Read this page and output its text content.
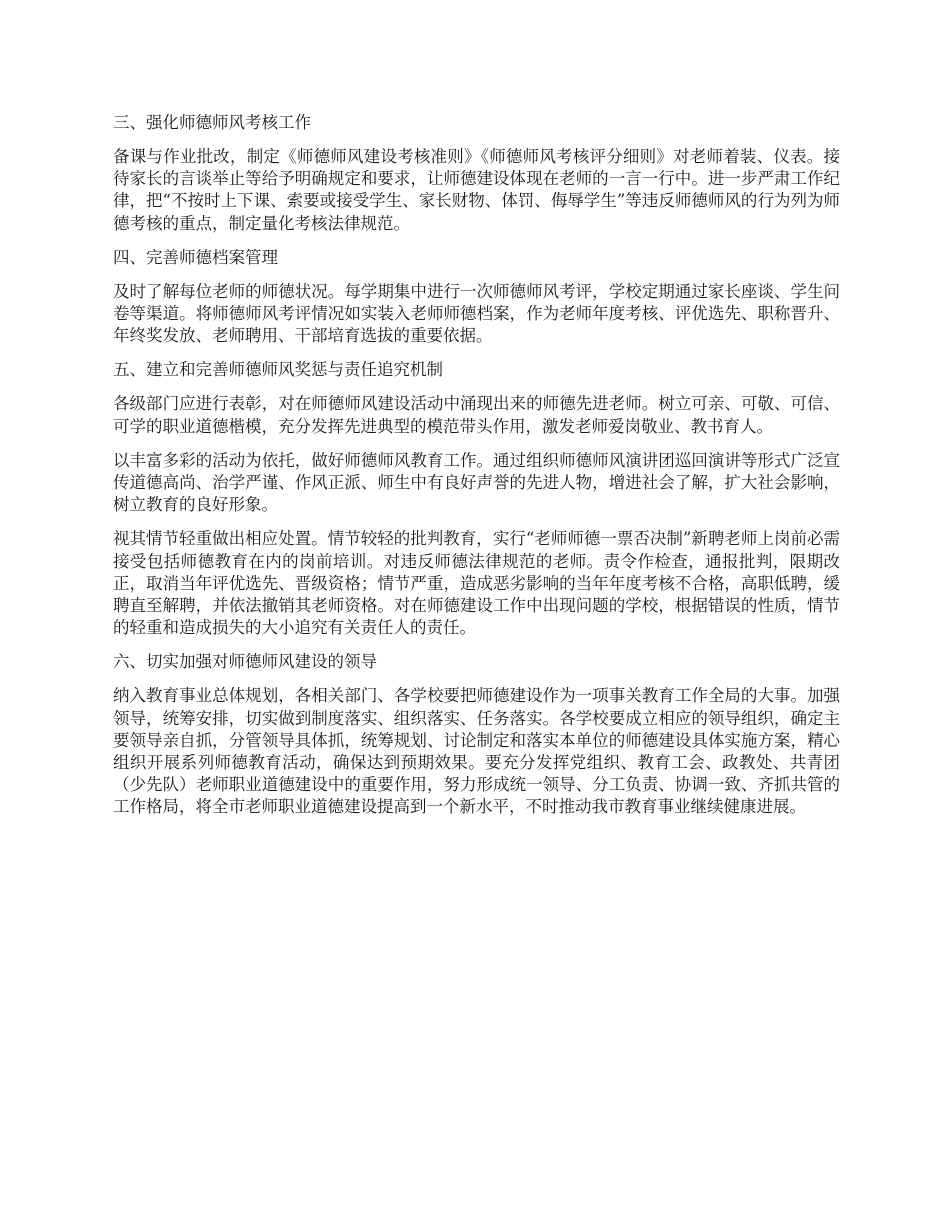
三、强化师德师风考核工作

备课与作业批改，制定《师德师风建设考核准则》《师德师风考核评分细则》对老师着装、仪表。接待家长的言谈举止等给予明确规定和要求，让师德建设体现在老师的一言一行中。进一步严肃工作纪律，把“不按时上下课、索要或接受学生、家长财物、体罚、侮辱学生”等违反师德师风的行为列为师德考核的重点，制定量化考核法律规范。

四、完善师德档案管理

及时了解每位老师的师德状况。每学期集中进行一次师德师风考评，学校定期通过家长座谈、学生问卷等渠道。将师德师风考评情况如实装入老师师德档案，作为老师年度考核、评优选先、职称晋升、年终奖发放、老师聘用、干部培育选拔的重要依据。

五、建立和完善师德师风奖惩与责任追究机制

各级部门应进行表彰，对在师德师风建设活动中涌现出来的师德先进老师。树立可亲、可敬、可信、可学的职业道德楷模，充分发挥先进典型的模范带头作用，激发老师爱岗敬业、教书育人。

以丰富多彩的活动为依托，做好师德师风教育工作。通过组织师德师风演讲团巡回演讲等形式广泛宣传道德高尚、治学严谨、作风正派、师生中有良好声誉的先进人物，增进社会了解，扩大社会影响，树立教育的良好形象。

视其情节轻重做出相应处置。情节较轻的批判教育，实行“老师师德一票否决制”新聘老师上岗前必需接受包括师德教育在内的岗前培训。对违反师德法律规范的老师。责令作检查，通报批判，限期改正，取消当年评优选先、晋级资格；情节严重，造成恶劣影响的当年年度考核不合格，高职低聘，缓聘直至解聘，并依法撤销其老师资格。对在师德建设工作中出现问题的学校，根据错误的性质，情节的轻重和造成损失的大小追究有关责任人的责任。

六、切实加强对师德师风建设的领导

纳入教育事业总体规划，各相关部门、各学校要把师德建设作为一项事关教育工作全局的大事。加强领导，统筹安排，切实做到制度落实、组织落实、任务落实。各学校要成立相应的领导组织，确定主要领导亲自抓，分管领导具体抓，统筹规划、讨论制定和落实本单位的师德建设具体实施方案，精心组织开展系列师德教育活动，确保达到预期效果。要充分发挥党组织、教育工会、政教处、共青团（少先队）老师职业道德建设中的重要作用，努力形成统一领导、分工负责、协调一致、齐抓共管的工作格局，将全市老师职业道德建设提高到一个新水平，不时推动我市教育事业继续健康进展。
